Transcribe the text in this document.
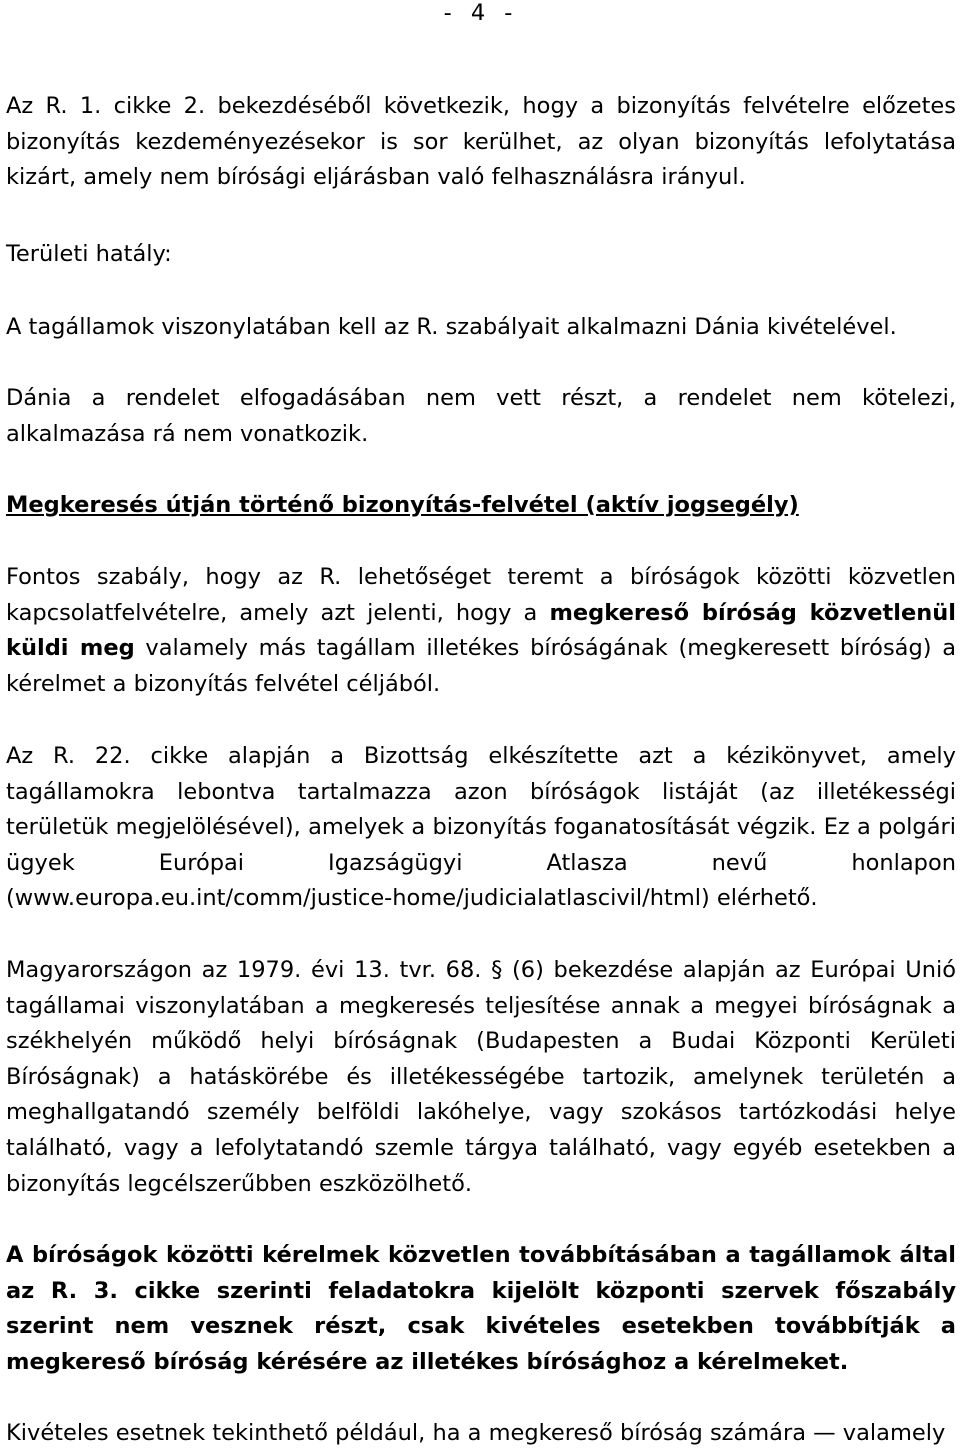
- 4 -

Az R. 1. cikke 2. bekezdéséből következik, hogy a bizonyítás felvételre előzetes bizonyítás kezdeményezésekor is sor kerülhet, az olyan bizonyítás lefolytatása kizárt, amely nem bírósági eljárásban való felhasználásra irányul.

Területi hatály:

A tagállamok viszonylatában kell az R. szabályait alkalmazni Dánia kivételével.

Dánia a rendelet elfogadásában nem vett részt, a rendelet nem kötelezi, alkalmazása rá nem vonatkozik.

Megkeresés útján történő bizonyítás-felvétel (aktív jogsegély)

Fontos szabály, hogy az R. lehetőséget teremt a bíróságok közötti közvetlen kapcsolatfelvételre, amely azt jelenti, hogy a megkereső bíróság közvetlenül küldi meg valamely más tagállam illetékes bíróságának (megkeresett bíróság) a kérelmet a bizonyítás felvétel céljából.

Az R. 22. cikke alapján a Bizottság elkészítette azt a kézikönyvet, amely tagállamokra lebontva tartalmazza azon bíróságok listáját (az illetékességi területük megjelölésével), amelyek a bizonyítás foganatosítását végzik. Ez a polgári ügyek Európai Igazságügyi Atlasza nevű honlapon (www.europa.eu.int/comm/justice-home/judicialatlascivil/html) elérhető.

Magyarországon az 1979. évi 13. tvr. 68. § (6) bekezdése alapján az Európai Unió tagállamai viszonylatában a megkeresés teljesítése annak a megyei bíróságnak a székhelyén működő helyi bíróságnak (Budapesten a Budai Központi Kerületi Bíróságnak) a hatáskörébe és illetékességébe tartozik, amelynek területén a meghallgatandó személy belföldi lakóhelye, vagy szokásos tartózkodási helye található, vagy a lefolytatandó szemle tárgya található, vagy egyéb esetekben a bizonyítás legcélszerűbben eszközölhető.

A bíróságok közötti kérelmek közvetlen továbbításában a tagállamok által az R. 3. cikke szerinti feladatokra kijelölt központi szervek főszabály szerint nem vesznek részt, csak kivételes esetekben továbbítják a megkereső bíróság kérésére az illetékes bírósághoz a kérelmeket.

Kivételes esetnek tekinthető például, ha a megkereső bíróság számára — valamely
